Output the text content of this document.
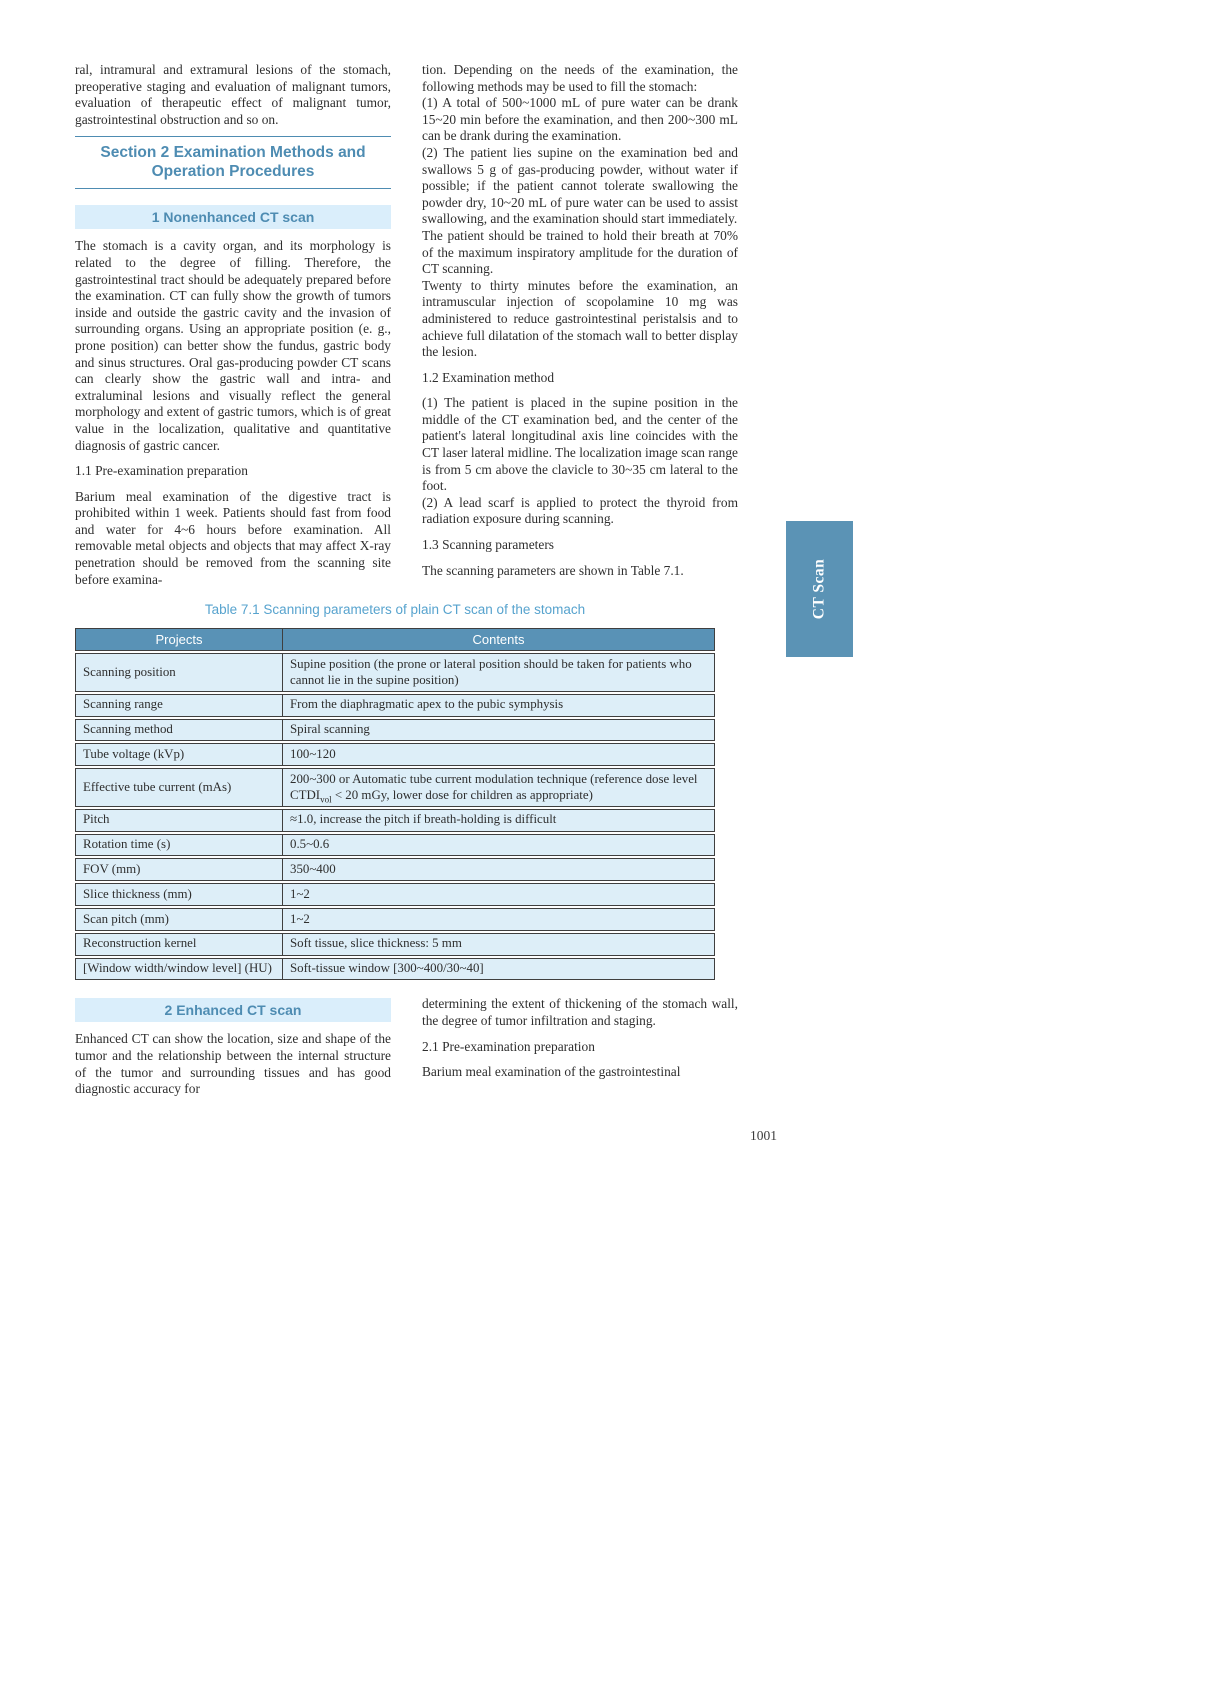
ral, intramural and extramural lesions of the stomach, preoperative staging and evaluation of malignant tumors, evaluation of therapeutic effect of malignant tumor, gastrointestinal obstruction and so on.

Section 2 Examination Methods and Operation Procedures
1 Nonenhanced CT scan

The stomach is a cavity organ, and its morphology is related to the degree of filling. Therefore, the gastrointestinal tract should be adequately prepared before the examination. CT can fully show the growth of tumors inside and outside the gastric cavity and the invasion of surrounding organs. Using an appropriate position (e. g., prone position) can better show the fundus, gastric body and sinus structures. Oral gas-producing powder CT scans can clearly show the gastric wall and intra- and extraluminal lesions and visually reflect the general morphology and extent of gastric tumors, which is of great value in the localization, qualitative and quantitative diagnosis of gastric cancer.

1.1 Pre-examination preparation

Barium meal examination of the digestive tract is prohibited within 1 week. Patients should fast from food and water for 4~6 hours before examination. All removable metal objects and objects that may affect X-ray penetration should be removed from the scanning site before examina-

tion. Depending on the needs of the examination, the following methods may be used to fill the stomach:

(1) A total of 500~1000 mL of pure water can be drank 15~20 min before the examination, and then 200~300 mL can be drank during the examination.

(2) The patient lies supine on the examination bed and swallows 5 g of gas-producing powder, without water if possible; if the patient cannot tolerate swallowing the powder dry, 10~20 mL of pure water can be used to assist swallowing, and the examination should start immediately.

The patient should be trained to hold their breath at 70% of the maximum inspiratory amplitude for the duration of CT scanning.

Twenty to thirty minutes before the examination, an intramuscular injection of scopolamine 10 mg was administered to reduce gastrointestinal peristalsis and to achieve full dilatation of the stomach wall to better display the lesion.

1.2 Examination method

(1) The patient is placed in the supine position in the middle of the CT examination bed, and the center of the patient's lateral longitudinal axis line coincides with the CT laser lateral midline. The localization image scan range is from 5 cm above the clavicle to 30~35 cm lateral to the foot.

(2) A lead scarf is applied to protect the thyroid from radiation exposure during scanning.

1.3 Scanning parameters

The scanning parameters are shown in Table 7.1.

Table 7.1 Scanning parameters of plain CT scan of the stomach
Projects	Contents
Scanning position	Supine position (the prone or lateral position should be taken for patients who cannot lie in the supine position)
Scanning range	From the diaphragmatic apex to the pubic symphysis
Scanning method	Spiral scanning
Tube voltage (kVp)	100~120
Effective tube current (mAs)	200~300 or Automatic tube current modulation technique (reference dose level $CTDI_{vol} < 20$ mGy, lower dose for children as appropriate)
Pitch	≈1.0, increase the pitch if breath-holding is difficult
Rotation time (s)	0.5~0.6
FOV (mm)	350~400
Slice thickness (mm)	1~2
Scan pitch (mm)	1~2
Reconstruction kernel	Soft tissue, slice thickness: 5 mm
[Window width/window level] (HU)	Soft-tissue window [300~400/30~40]
2 Enhanced CT scan

Enhanced CT can show the location, size and shape of the tumor and the relationship between the internal structure of the tumor and surrounding tissues and has good diagnostic accuracy for

determining the extent of thickening of the stomach wall, the degree of tumor infiltration and staging.

2.1 Pre-examination preparation

Barium meal examination of the gastrointestinal

1001
CT Scan
